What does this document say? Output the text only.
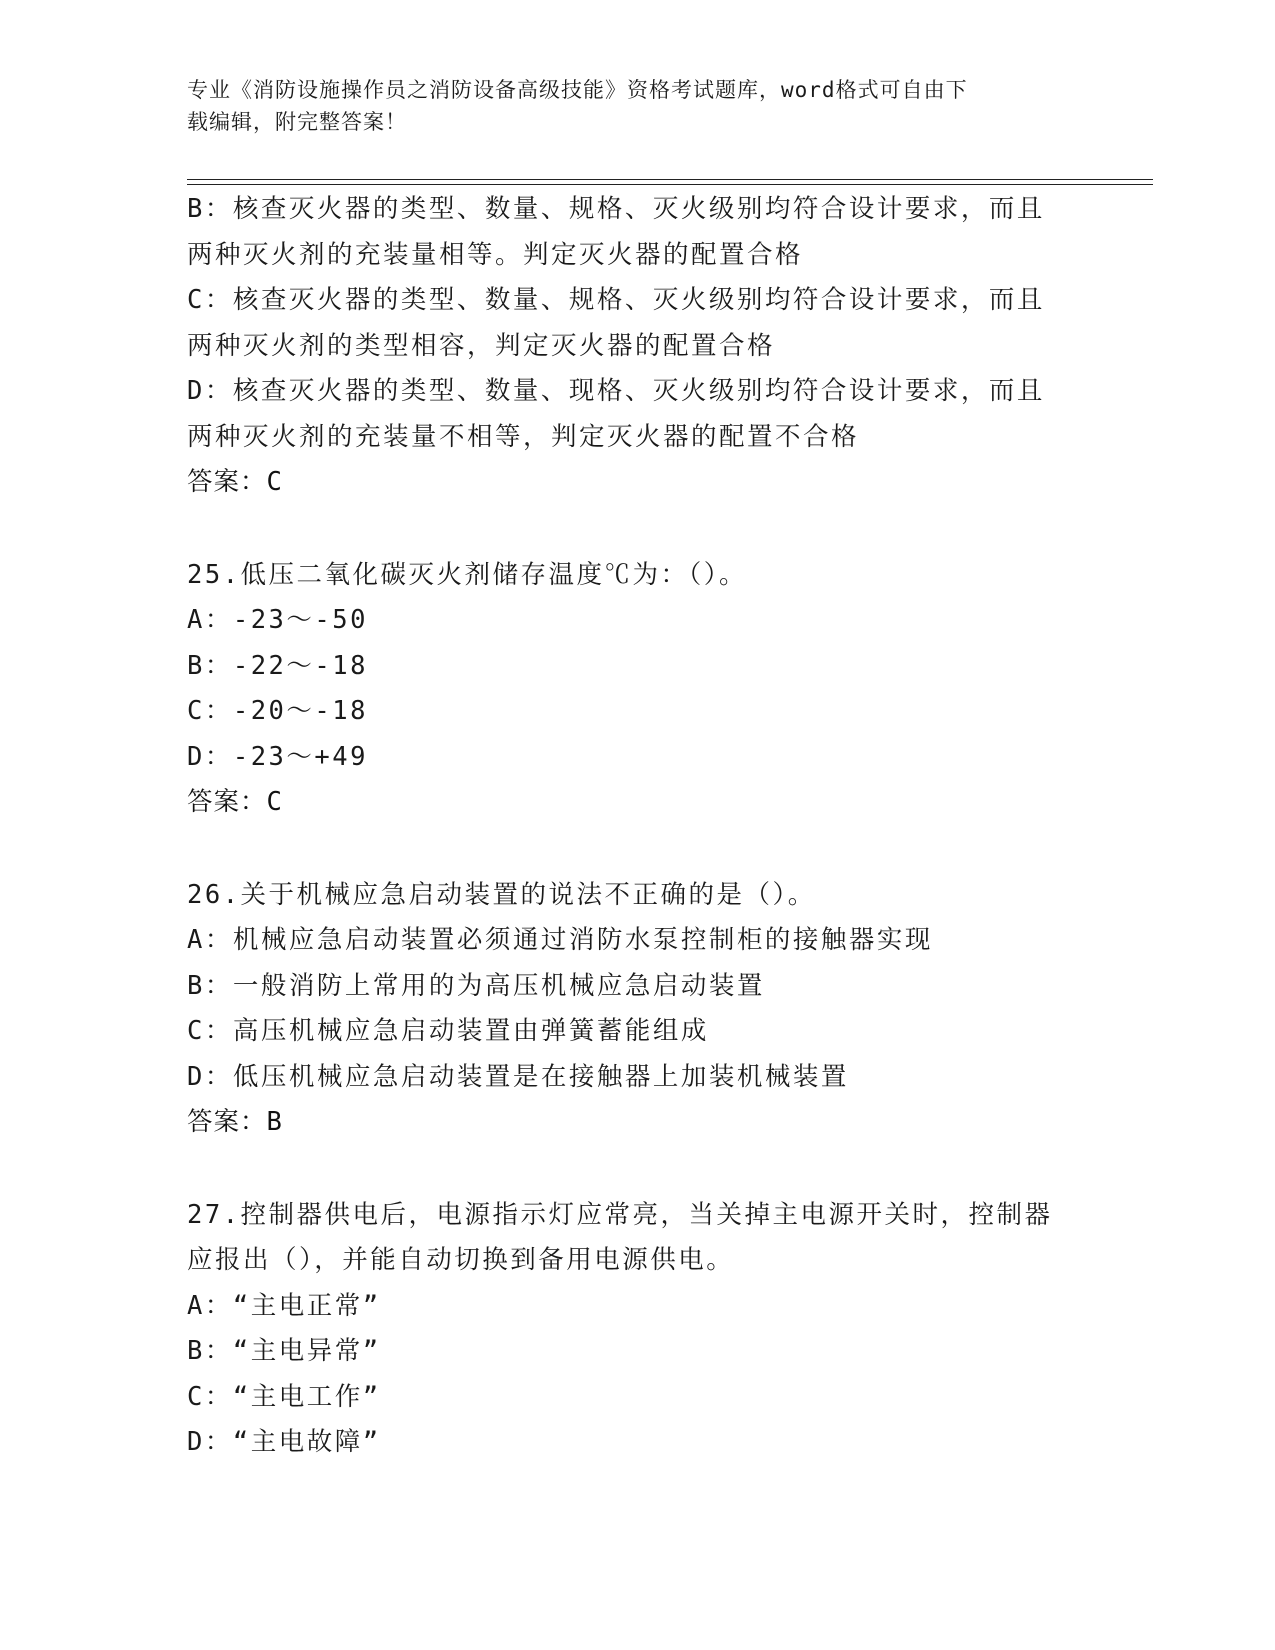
专业《消防设施操作员之消防设备高级技能》资格考试题库，word格式可自由下
载编辑，附完整答案！
B：核查灭火器的类型、数量、规格、灭火级别均符合设计要求，而且
两种灭火剂的充装量相等。判定灭火器的配置合格
C：核查灭火器的类型、数量、规格、灭火级别均符合设计要求，而且
两种灭火剂的类型相容，判定灭火器的配置合格
D：核查灭火器的类型、数量、现格、灭火级别均符合设计要求，而且
两种灭火剂的充装量不相等，判定灭火器的配置不合格
答案：C
25.低压二氧化碳灭火剂储存温度℃为：（）。
A：-23～-50
B：-22～-18
C：-20～-18
D：-23～+49
答案：C
26.关于机械应急启动装置的说法不正确的是（）。
A：机械应急启动装置必须通过消防水泵控制柜的接触器实现
B：一般消防上常用的为高压机械应急启动装置
C：高压机械应急启动装置由弹簧蓄能组成
D：低压机械应急启动装置是在接触器上加装机械装置
答案：B
27.控制器供电后，电源指示灯应常亮，当关掉主电源开关时，控制器
应报出（），并能自动切换到备用电源供电。
A：“主电正常”
B：“主电异常”
C：“主电工作”
D：“主电故障”
